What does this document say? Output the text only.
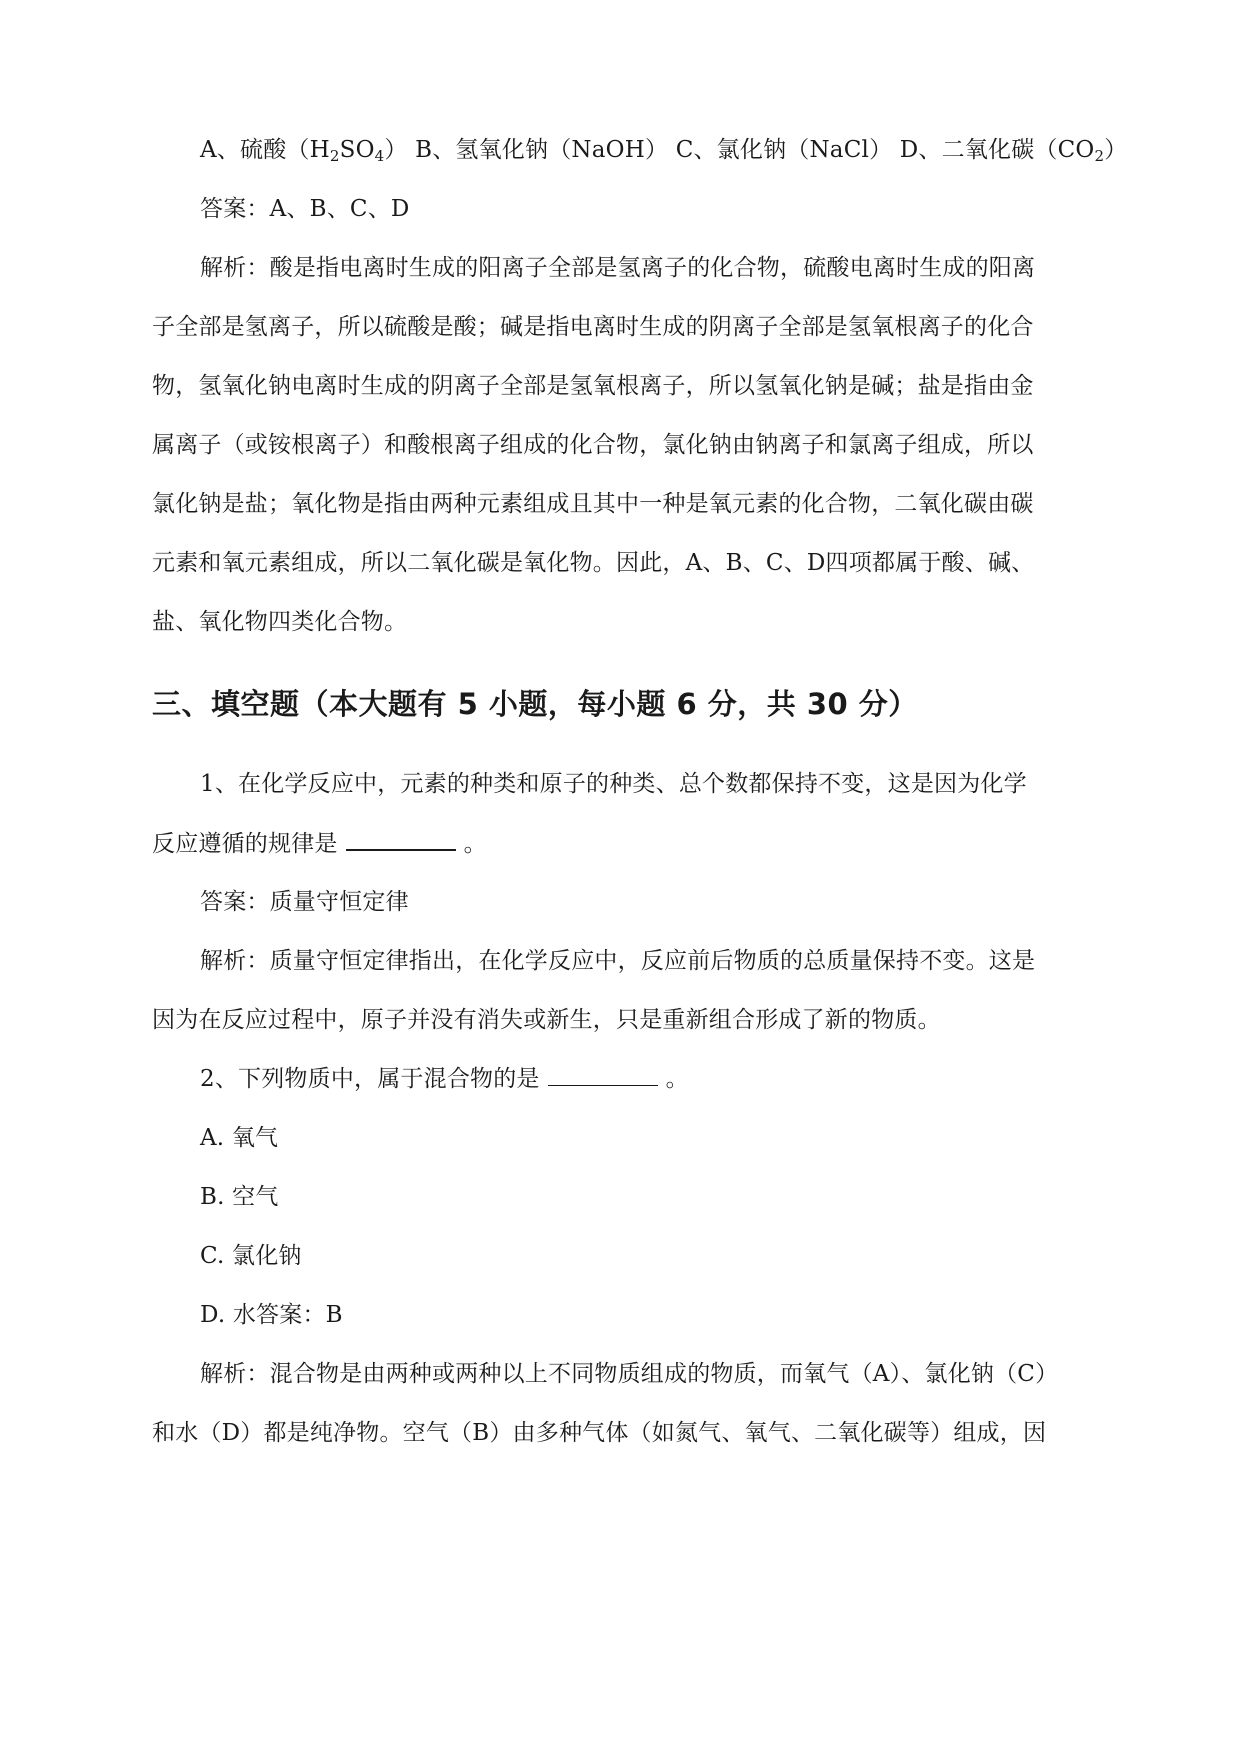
A、硫酸$(H_2SO_4)$ B、氢氧化钠（NaOH） C、氯化钠（NaCl） D、二氧化碳$(CO_2)$
答案：A、B、C、D
解析：酸是指电离时生成的阳离子全部是氢离子的化合物，硫酸电离时生成的阳离
子全部是氢离子，所以硫酸是酸；碱是指电离时生成的阴离子全部是氢氧根离子的化合
物，氢氧化钠电离时生成的阴离子全部是氢氧根离子，所以氢氧化钠是碱；盐是指由金
属离子（或铵根离子）和酸根离子组成的化合物，氯化钠由钠离子和氯离子组成，所以
氯化钠是盐；氧化物是指由两种元素组成且其中一种是氧元素的化合物，二氧化碳由碳
元素和氧元素组成，所以二氧化碳是氧化物。因此，A、B、C、D四项都属于酸、碱、
盐、氧化物四类化合物。
三、填空题（本大题有 5 小题，每小题 6 分，共 30 分）
1、在化学反应中，元素的种类和原子的种类、总个数都保持不变，这是因为化学
反应遵循的规律是	。
答案：质量守恒定律
解析：质量守恒定律指出，在化学反应中，反应前后物质的总质量保持不变。这是
因为在反应过程中，原子并没有消失或新生，只是重新组合形成了新的物质。
2、下列物质中，属于混合物的是	。
A. 氧气
B. 空气
C. 氯化钠
D. 水答案：B
解析：混合物是由两种或两种以上不同物质组成的物质，而氧气（A）、氯化钠（C）
和水（D）都是纯净物。空气（B）由多种气体（如氮气、氧气、二氧化碳等）组成，因
